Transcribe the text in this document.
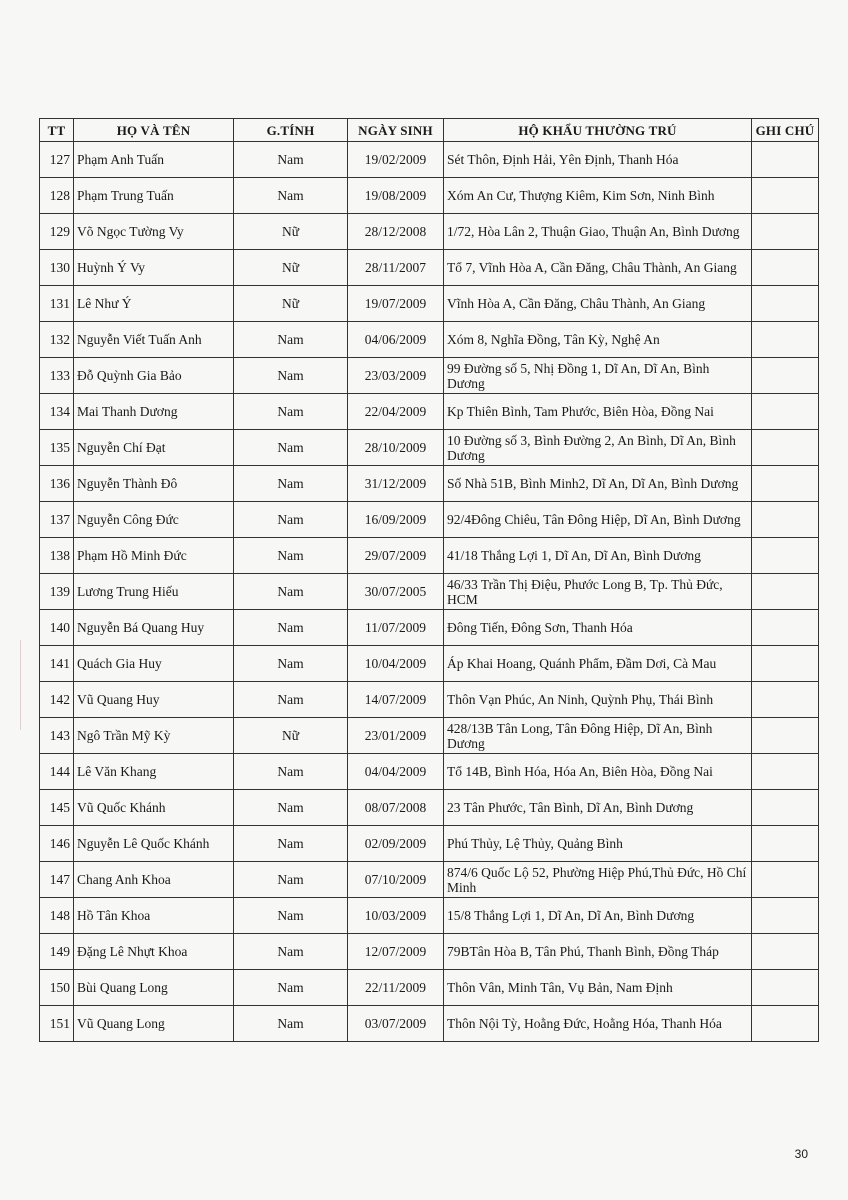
TT	HỌ VÀ TÊN	G.TÍNH	NGÀY SINH	HỘ KHẨU THƯỜNG TRÚ	GHI CHÚ
127	Phạm Anh Tuấn	Nam	19/02/2009	Sét Thôn, Định Hải, Yên Định, Thanh Hóa	
128	Phạm Trung Tuấn	Nam	19/08/2009	Xóm An Cư, Thượng Kiêm, Kim Sơn, Ninh Bình	
129	Võ Ngọc Tường Vy	Nữ	28/12/2008	1/72, Hòa Lân 2, Thuận Giao, Thuận An, Bình Dương	
130	Huỳnh Ý Vy	Nữ	28/11/2007	Tổ 7, Vĩnh Hòa A, Cần Đăng, Châu Thành, An Giang	
131	Lê Như Ý	Nữ	19/07/2009	Vĩnh Hòa A, Cần Đăng, Châu Thành, An Giang	
132	Nguyễn Viết Tuấn Anh	Nam	04/06/2009	Xóm 8, Nghĩa Đồng, Tân Kỳ, Nghệ An	
133	Đỗ Quỳnh Gia Bảo	Nam	23/03/2009	99 Đường số 5, Nhị Đồng 1, Dĩ An, Dĩ An, Bình Dương	
134	Mai Thanh Dương	Nam	22/04/2009	Kp Thiên Bình, Tam Phước, Biên Hòa, Đồng Nai	
135	Nguyễn Chí Đạt	Nam	28/10/2009	10 Đường số 3, Bình Đường 2, An Bình, Dĩ An, Bình Dương	
136	Nguyễn Thành Đô	Nam	31/12/2009	Số Nhà 51B, Bình Minh2, Dĩ An, Dĩ An, Bình Dương	
137	Nguyễn Công Đức	Nam	16/09/2009	92/4Đông Chiêu, Tân Đông Hiệp, Dĩ An, Bình Dương	
138	Phạm Hồ Minh Đức	Nam	29/07/2009	41/18 Thắng Lợi 1, Dĩ An, Dĩ An, Bình Dương	
139	Lương Trung Hiếu	Nam	30/07/2005	46/33 Trần Thị Điệu, Phước Long B, Tp. Thủ Đức, HCM	
140	Nguyễn Bá Quang Huy	Nam	11/07/2009	Đông Tiến, Đông Sơn, Thanh Hóa	
141	Quách Gia Huy	Nam	10/04/2009	Áp Khai Hoang, Quánh Phẩm, Đầm Dơi, Cà Mau	
142	Vũ Quang Huy	Nam	14/07/2009	Thôn Vạn Phúc, An Ninh, Quỳnh Phụ, Thái Bình	
143	Ngô Trần Mỹ Kỳ	Nữ	23/01/2009	428/13B Tân Long, Tân Đông Hiệp, Dĩ An, Bình Dương	
144	Lê Văn Khang	Nam	04/04/2009	Tổ 14B, Bình Hóa, Hóa An, Biên Hòa, Đồng Nai	
145	Vũ Quốc Khánh	Nam	08/07/2008	23 Tân Phước, Tân Bình, Dĩ An, Bình Dương	
146	Nguyễn Lê Quốc Khánh	Nam	02/09/2009	Phú Thủy, Lệ Thủy, Quảng Bình	
147	Chang Anh Khoa	Nam	07/10/2009	874/6 Quốc Lộ 52, Phường Hiệp Phú,Thủ Đức, Hồ Chí Minh	
148	Hồ Tân Khoa	Nam	10/03/2009	15/8 Thắng Lợi 1, Dĩ An, Dĩ An, Bình Dương	
149	Đặng Lê Nhựt Khoa	Nam	12/07/2009	79BTân Hòa B, Tân Phú, Thanh Bình, Đồng Tháp	
150	Bùi Quang Long	Nam	22/11/2009	Thôn Vân, Minh Tân, Vụ Bản, Nam Định	
151	Vũ Quang Long	Nam	03/07/2009	Thôn Nội Tỳ, Hoằng Đức, Hoằng Hóa, Thanh Hóa	
30
